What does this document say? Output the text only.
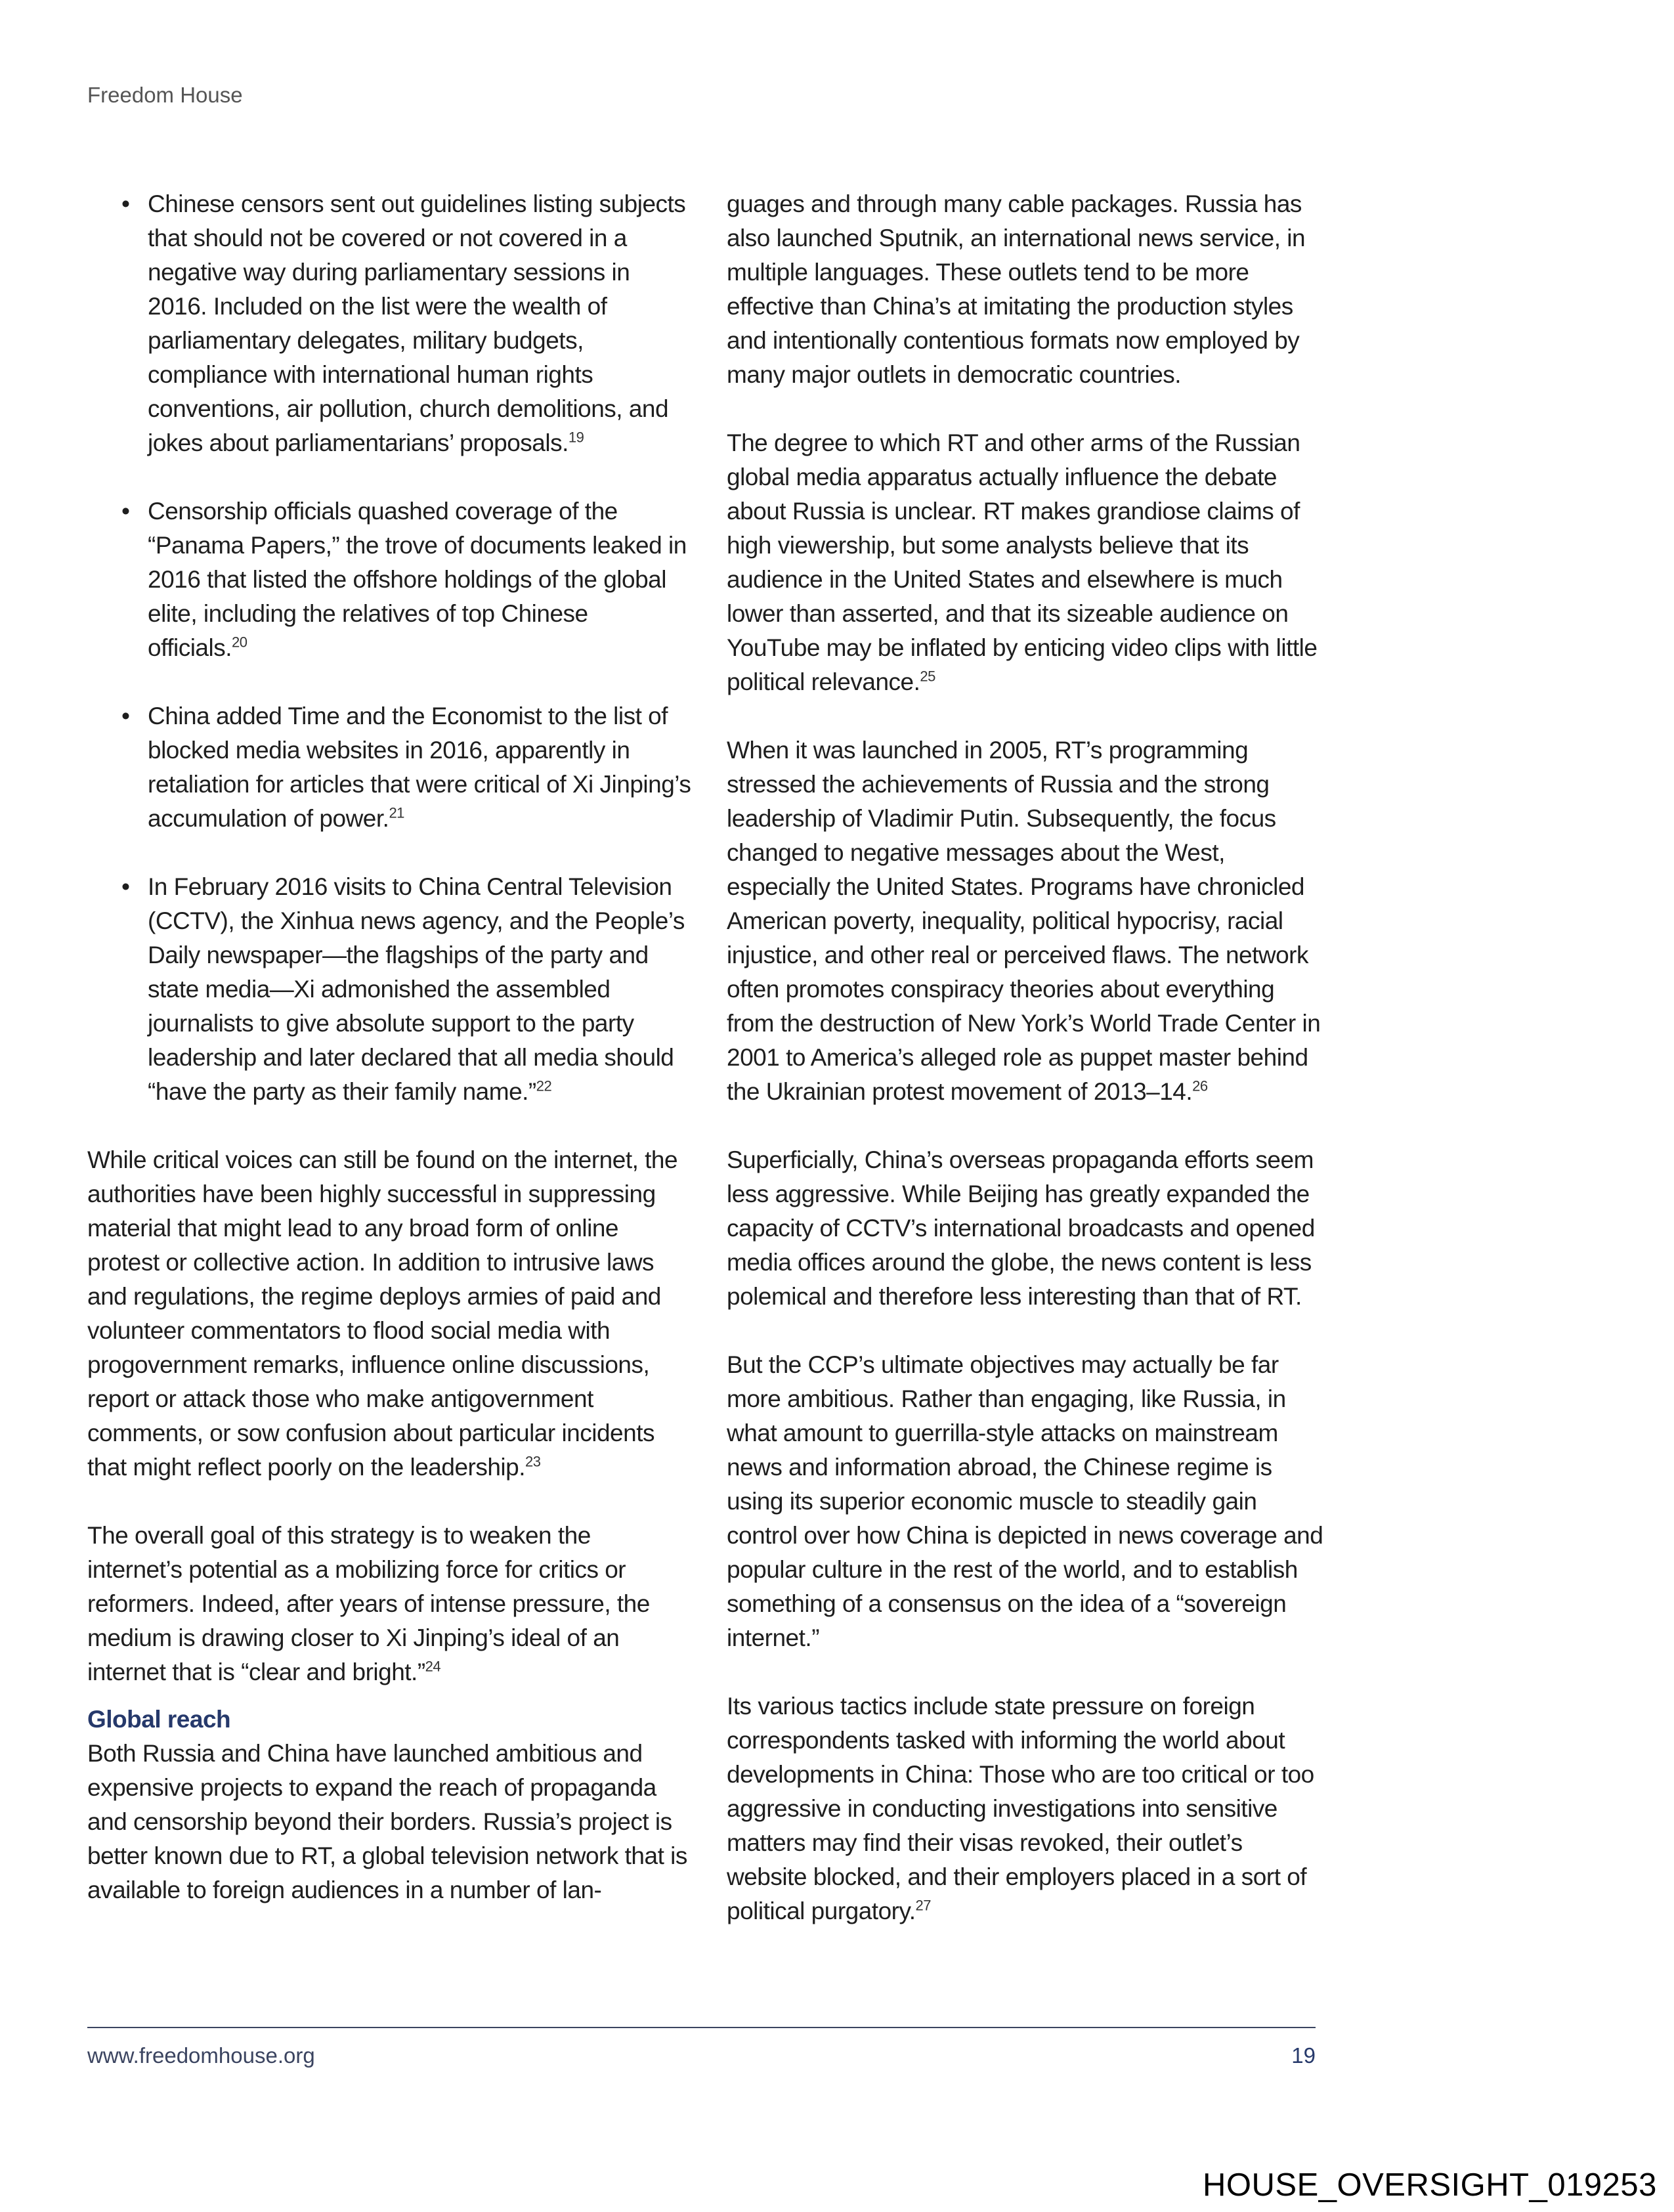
Freedom House
• Chinese censors sent out guidelines listing subjects that should not be covered or not covered in a negative way during parliamentary sessions in 2016. Included on the list were the wealth of parliamentary delegates, military budgets, compliance with international human rights conventions, air pollution, church demolitions, and jokes about parliamentarians’ proposals.$^{19}$
• Censorship officials quashed coverage of the “Panama Papers,” the trove of documents leaked in 2016 that listed the offshore holdings of the global elite, including the relatives of top Chinese officials.$^{20}$
• China added Time and the Economist to the list of blocked media websites in 2016, apparently in retaliation for articles that were critical of Xi Jinping’s accumulation of power.$^{21}$
• In February 2016 visits to China Central Television (CCTV), the Xinhua news agency, and the People’s Daily newspaper—the flagships of the party and state media—Xi admonished the assembled journalists to give absolute support to the party leadership and later declared that all media should “have the party as their family name.”$^{22}$

While critical voices can still be found on the internet, the authorities have been highly successful in suppressing material that might lead to any broad form of online protest or collective action. In addition to intrusive laws and regulations, the regime deploys armies of paid and volunteer commentators to flood social media with progovernment remarks, influence online discussions, report or attack those who make antigovernment comments, or sow confusion about particular incidents that might reflect poorly on the leadership.$^{23}$

The overall goal of this strategy is to weaken the internet’s potential as a mobilizing force for critics or reformers. Indeed, after years of intense pressure, the medium is drawing closer to Xi Jinping’s ideal of an internet that is “clear and bright.”$^{24}$

Global reach

Both Russia and China have launched ambitious and expensive projects to expand the reach of propaganda and censorship beyond their borders. Russia’s project is better known due to RT, a global television network that is available to foreign audiences in a number of lan-

guages and through many cable packages. Russia has also launched Sputnik, an international news service, in multiple languages. These outlets tend to be more effective than China’s at imitating the production styles and intentionally contentious formats now employed by many major outlets in democratic countries.

The degree to which RT and other arms of the Russian global media apparatus actually influence the debate about Russia is unclear. RT makes grandiose claims of high viewership, but some analysts believe that its audience in the United States and elsewhere is much lower than asserted, and that its sizeable audience on YouTube may be inflated by enticing video clips with little political relevance.$^{25}$

When it was launched in 2005, RT’s programming stressed the achievements of Russia and the strong leadership of Vladimir Putin. Subsequently, the focus changed to negative messages about the West, especially the United States. Programs have chronicled American poverty, inequality, political hypocrisy, racial injustice, and other real or perceived flaws. The network often promotes conspiracy theories about everything from the destruction of New York’s World Trade Center in 2001 to America’s alleged role as puppet master behind the Ukrainian protest movement of 2013–14.26

Superficially, China’s overseas propaganda efforts seem less aggressive. While Beijing has greatly expanded the capacity of CCTV’s international broadcasts and opened media offices around the globe, the news content is less polemical and therefore less interesting than that of RT.

But the CCP’s ultimate objectives may actually be far more ambitious. Rather than engaging, like Russia, in what amount to guerrilla-style attacks on mainstream news and information abroad, the Chinese regime is using its superior economic muscle to steadily gain control over how China is depicted in news coverage and popular culture in the rest of the world, and to establish something of a consensus on the idea of a “sovereign internet.”

Its various tactics include state pressure on foreign correspondents tasked with informing the world about developments in China: Those who are too critical or too aggressive in conducting investigations into sensitive matters may find their visas revoked, their outlet’s website blocked, and their employers placed in a sort of political purgatory.$^{27}$

www.freedomhouse.org	19
HOUSE_OVERSIGHT_019253
